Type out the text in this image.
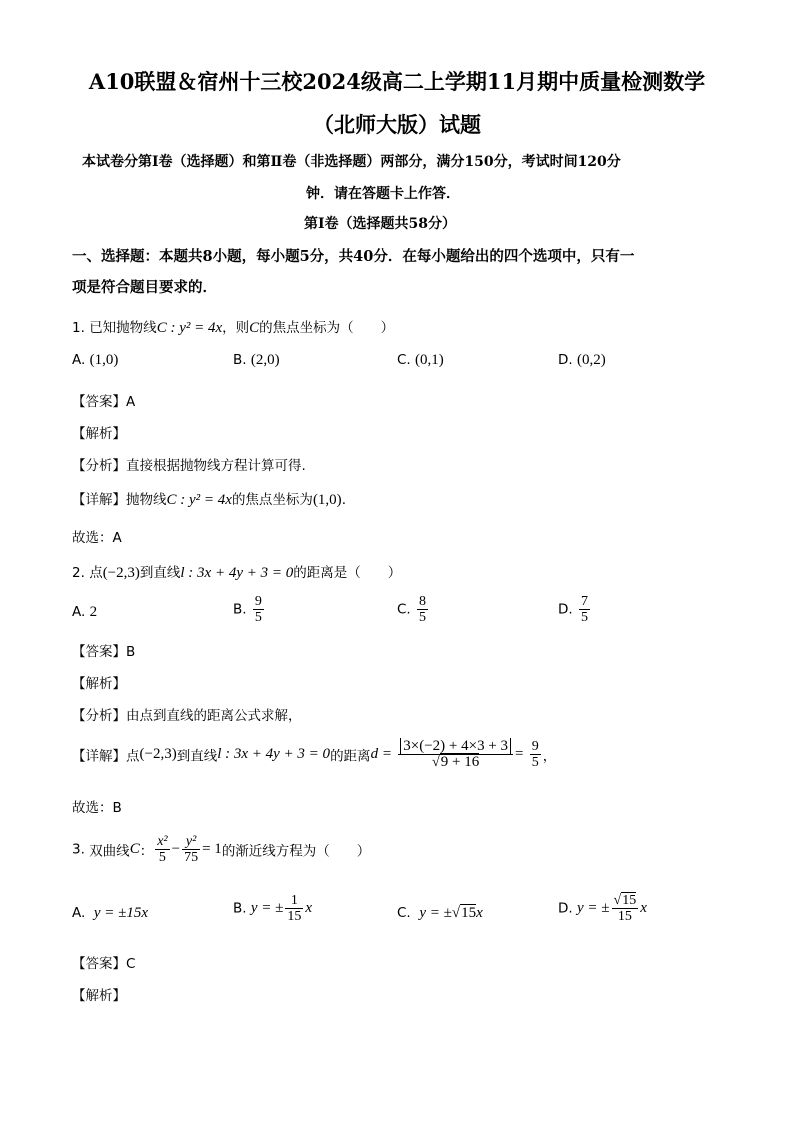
A10联盟＆宿州十三校2024级高二上学期11月期中质量检测数学
（北师大版）试题
本试卷分第Ⅰ卷（选择题）和第Ⅱ卷（非选择题）两部分，满分150分，考试时间120分
钟．请在答题卡上作答．
第Ⅰ卷（选择题共58分）
一、选择题：本题共8小题，每小题5分，共40分．在每小题给出的四个选项中，只有一
项是符合题目要求的．
1. 已知抛物线C : y² = 4x，则C的焦点坐标为（　　）
A. (1,0)	B. (2,0)	C. (0,1)	D. (0,2)
【答案】A
【解析】
【分析】直接根据抛物线方程计算可得.
【详解】抛物线C : y² = 4x的焦点坐标为(1,0).
故选：A
2. 点(−2,3)到直线l : 3x + 4y + 3 = 0的距离是（　　）
A. 2	B. $\frac{9}{5}$	C. $\frac{8}{5}$	D. $\frac{7}{5}$
【答案】B
【解析】
【分析】由点到直线的距离公式求解，
【详解】点(−2,3)到直线l : 3x + 4y + 3 = 0的距离$d = \frac{3\times(-2) + 4\times 3 + 3}{√9 + 16} = \frac{9}{5}$ ，
故选：B
3. 双曲线C： $\frac{\text{x²}}{5} - \frac{\text{y²}}{75} = 1$的渐近线方程为（　　）
A. y = ±15x	B. y = ± $\frac{1}{15}$ x	C. y = ±√15x	D. y = ± $\frac{√15}{15}$ x
【答案】C
【解析】
